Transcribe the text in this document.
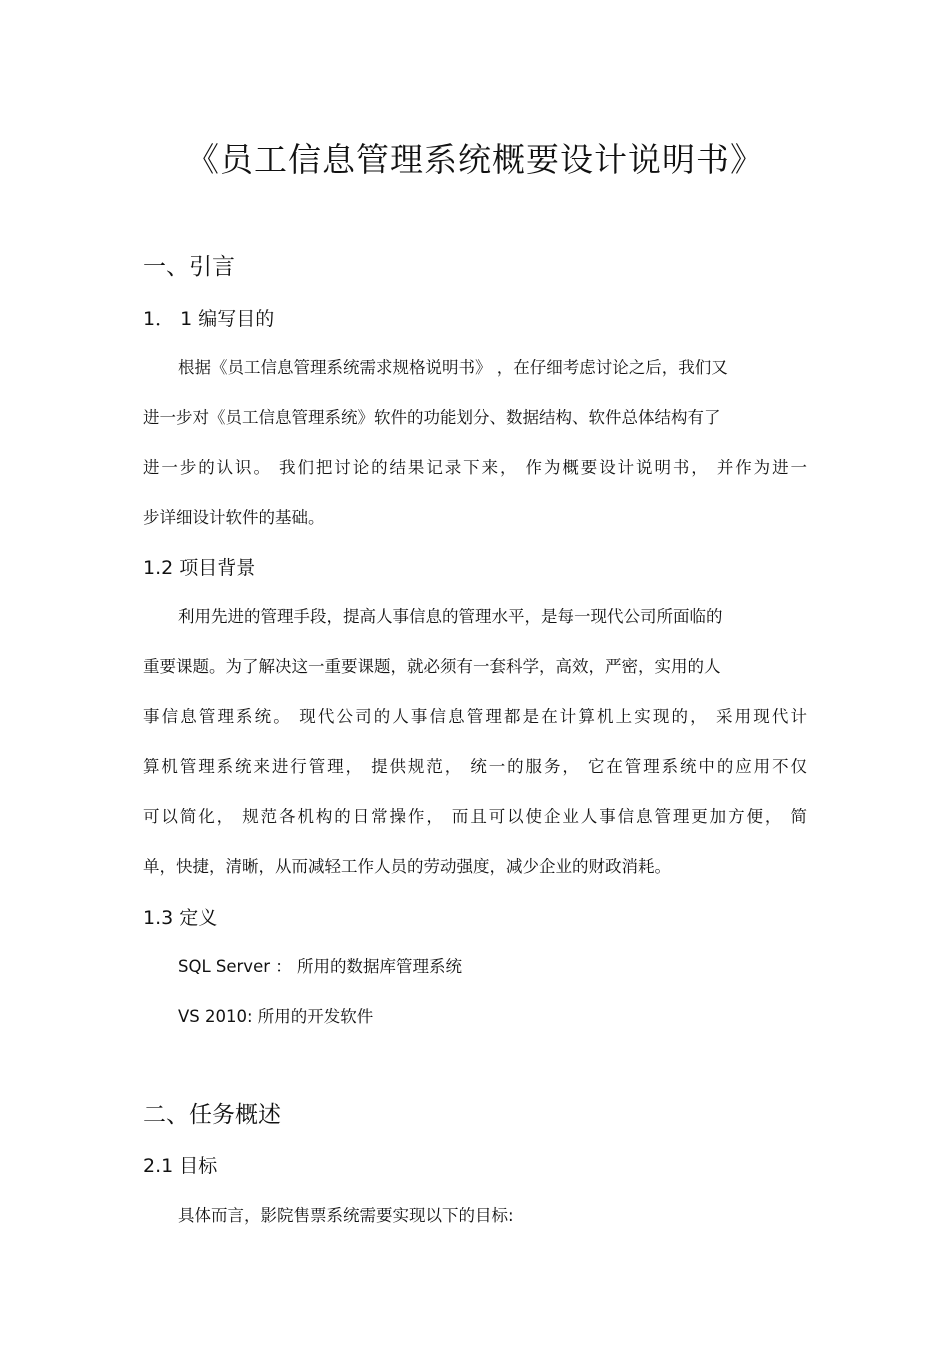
《员工信息管理系统概要设计说明书》
一、引言
1． 1 编写目的
根据《员工信息管理系统需求规格说明书》 ，在仔细考虑讨论之后，我们又
进一步对《员工信息管理系统》软件的功能划分、数据结构、软件总体结构有了
进一步的认识。 我们把讨论的结果记录下来， 作为概要设计说明书， 并作为进一
步详细设计软件的基础。
1.2 项目背景
利用先进的管理手段，提高人事信息的管理水平，是每一现代公司所面临的
重要课题。为了解决这一重要课题，就必须有一套科学，高效，严密，实用的人
事信息管理系统。 现代公司的人事信息管理都是在计算机上实现的， 采用现代计
算机管理系统来进行管理， 提供规范， 统一的服务， 它在管理系统中的应用不仅
可以简化， 规范各机构的日常操作， 而且可以使企业人事信息管理更加方便， 简
单，快捷，清晰，从而减轻工作人员的劳动强度，减少企业的财政消耗。
1.3 定义
SQL Server ： 所用的数据库管理系统
VS 2010: 所用的开发软件
二、任务概述
2.1 目标
具体而言，影院售票系统需要实现以下的目标:
